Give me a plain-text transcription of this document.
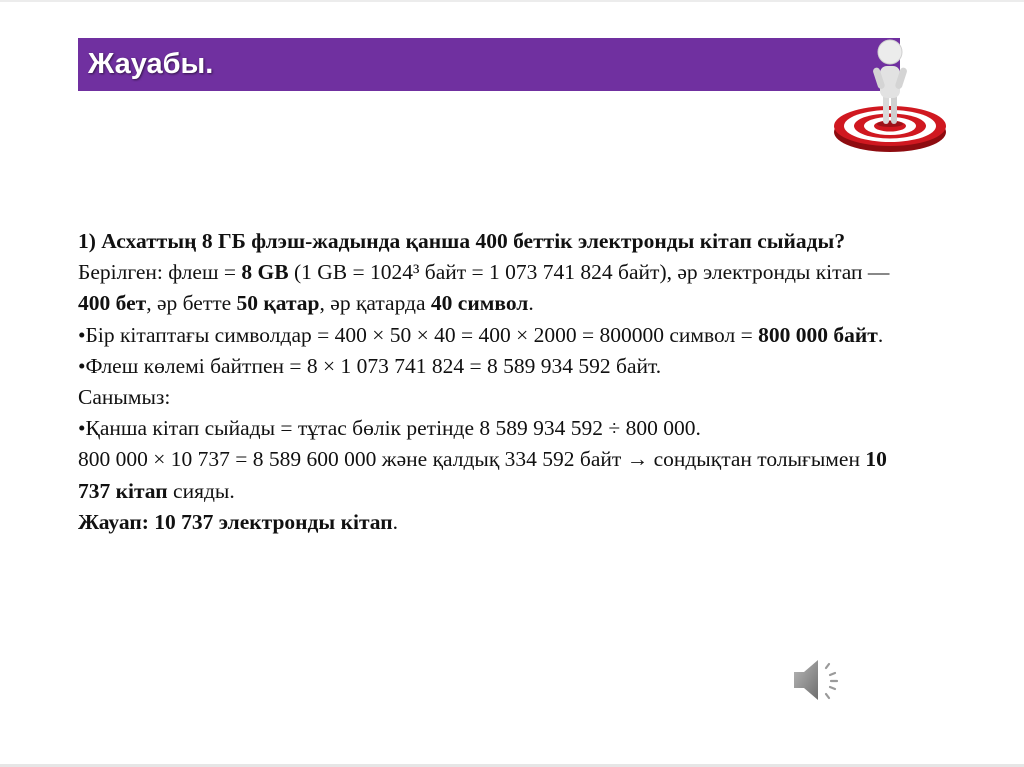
Жауабы.

1) Асхаттың 8 ГБ флэш-жадында қанша 400 беттік электронды кітап сыйады?

Берілген: флеш = 8 GB (1 GB = 1024³ байт = 1 073 741 824 байт), әр электронды кітап — 400 бет, әр бетте 50 қатар, әр қатарда 40 символ.

•Бір кітаптағы символдар = 400 × 50 × 40 = 400 × 2000 = 800000 символ = 800 000 байт.

•Флеш көлемі байтпен = 8 × 1 073 741 824 = 8 589 934 592 байт.

Санымыз:

•Қанша кітап сыйады = тұтас бөлік ретінде 8 589 934 592 ÷ 800 000.

800 000 × 10 737 = 8 589 600 000 және қалдық 334 592 байт → сондықтан толығымен 10 737 кітап сияды.

Жауап: 10 737 электронды кітап.
